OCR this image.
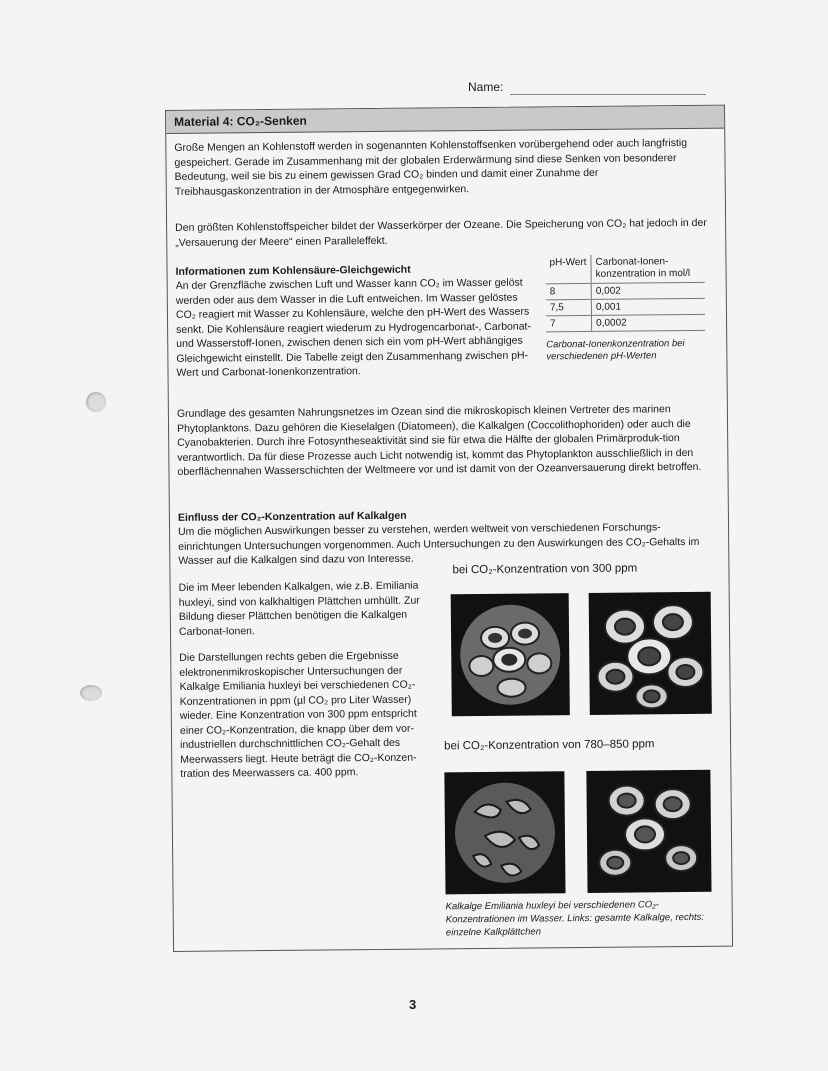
Name:
Material 4: CO₂-Senken
Große Mengen an Kohlenstoff werden in sogenannten Kohlenstoffsenken vorübergehend oder auch langfristig gespeichert. Gerade im Zusammenhang mit der globalen Erderwärmung sind diese Senken von besonderer Bedeutung, weil sie bis zu einem gewissen Grad CO₂ binden und damit einer Zunahme der Treibhausgaskonzentration in der Atmosphäre entgegenwirken.
Den größten Kohlenstoffspeicher bildet der Wasserkörper der Ozeane. Die Speicherung von CO₂ hat jedoch in der „Versauerung der Meere“ einen Paralleleffekt.
Informationen zum Kohlensäure-Gleichgewicht
An der Grenzfläche zwischen Luft und Wasser kann CO₂ im Wasser gelöst werden oder aus dem Wasser in die Luft entweichen. Im Wasser gelöstes CO₂ reagiert mit Wasser zu Kohlensäure, welche den pH-Wert des Wassers senkt. Die Kohlensäure reagiert wiederum zu Hydrogencarbonat-, Carbonat- und Wasserstoff-Ionen, zwischen denen sich ein vom pH-Wert abhängiges Gleichgewicht einstellt. Die Tabelle zeigt den Zusammenhang zwischen pH-Wert und Carbonat-Ionenkonzentration.
pH-Wert	Carbonat-Ionen-konzentration in mol/l
8	0,002
7,5	0,001
7	0,0002
Carbonat-Ionenkonzentration bei verschiedenen pH-Werten
Grundlage des gesamten Nahrungsnetzes im Ozean sind die mikroskopisch kleinen Vertreter des marinen Phytoplanktons. Dazu gehören die Kieselalgen (Diatomeen), die Kalkalgen (Coccolithophoriden) oder auch die Cyanobakterien. Durch ihre Fotosyntheseaktivität sind sie für etwa die Hälfte der globalen Primärproduk-tion verantwortlich. Da für diese Prozesse auch Licht notwendig ist, kommt das Phytoplankton ausschließlich in den oberflächennahen Wasserschichten der Weltmeere vor und ist damit von der Ozeanversauerung direkt betroffen.
Einfluss der CO₂-Konzentration auf Kalkalgen
Um die möglichen Auswirkungen besser zu verstehen, werden weltweit von verschiedenen Forschungs-einrichtungen Untersuchungen vorgenommen. Auch Untersuchungen zu den Auswirkungen des CO₂-Gehalts im Wasser auf die Kalkalgen sind dazu von Interesse.
Die im Meer lebenden Kalkalgen, wie z.B. Emiliania huxleyi, sind von kalkhaltigen Plättchen umhüllt. Zur Bildung dieser Plättchen benötigen die Kalkalgen Carbonat-Ionen.
Die Darstellungen rechts geben die Ergebnisse elektronenmikroskopischer Untersuchungen der Kalkalge Emiliania huxleyi bei verschiedenen CO₂-Konzentrationen in ppm (µl CO₂ pro Liter Wasser) wieder. Eine Konzentration von 300 ppm entspricht einer CO₂-Konzentration, die knapp über dem vor-industriellen durchschnittlichen CO₂-Gehalt des Meerwassers liegt. Heute beträgt die CO₂-Konzen-tration des Meerwassers ca. 400 ppm.
bei CO₂-Konzentration von 300 ppm
bei CO₂-Konzentration von 780–850 ppm
Kalkalge Emiliania huxleyi bei verschiedenen CO₂-Konzentrationen im Wasser. Links: gesamte Kalkalge, rechts: einzelne Kalkplättchen
3
